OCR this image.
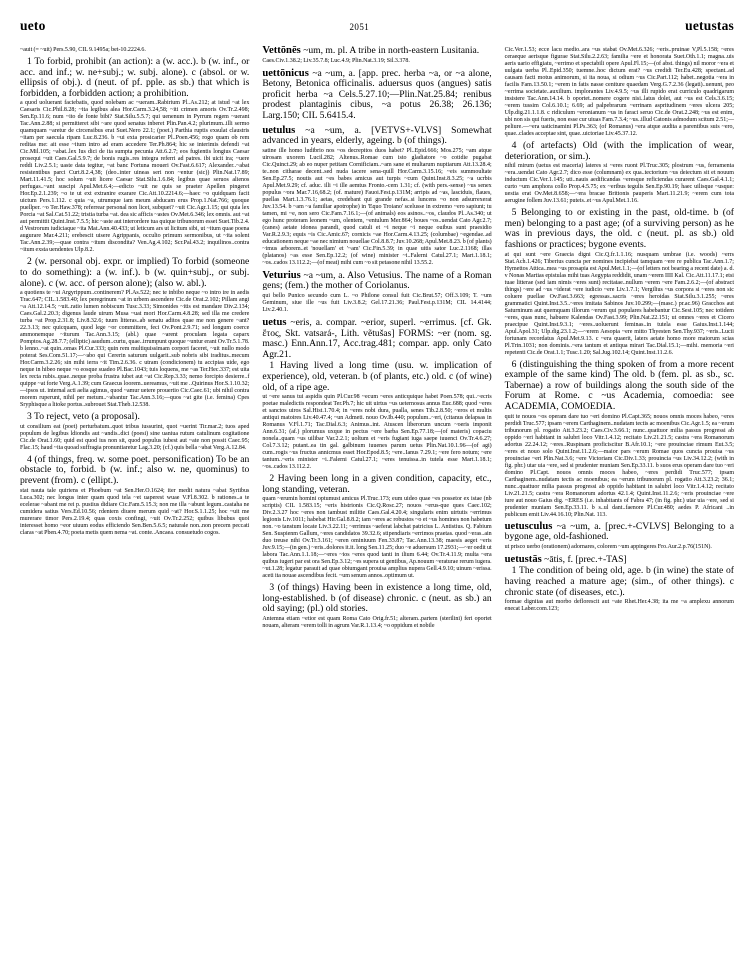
ueto	2051	uetustas
~auit (= ~uit) Pers.5.90, CIL 9.1495a; bet-10.2224.6.
1 To forbid, prohibit (an action): a (w. acc.). b (w. inf., or acc. and inf.; w. ne+subj.; w. subj. alone). c (absol. or w. ellipsis of obj.). d (neut. of pf. pple. as sb.) that which is forbidden, a forbidden action; a prohibition.
a quod uoluerant faciebatis, quod nolebam ac ~ueram..Rabirium Pl..As.212; at istud ~at lex Caesaris Cic.Phil.8.28; ~ita legibus alea Hor.Carm.3.24,58; ~iti crimen amoris Ov.Tr.2.498; Sen.Ep.11.6; num ~ito de fonte bibi? Stat.Silu.5.5.7; qui uenenum in Pyrrum regem ~uerant Tac.Ann.2.88; si permitteret sibi ~are quod senatus inberet Plin.Pan.4.2; plurimum..illi sermo quamquam ~aretur de circensibus erat Suet.Nero 22.1; (poet.) Parthia ruptis exsulat claustris ~itam per saecula ripam Luc.8.236. b ~ui exta prosicarier Pl..Poen.456; rogo quam ob rem reditas me: ait esse ~itum intro ad eram accedere Ter.Ph.864; hic se interimis defendi ~at Cic.Mil.105; ~abat..lex Ius dici de ita sumpta pecunia Att.6.2.7; eos fugientis longius Caesar prosequi ~uit Caes.Gal.5.9.7; de bonis rugis..res integra referri ad patres. ibi uicit ira; ~uere reddi Liv.2.5.1; uaste data tegitur, ~at banc Fortuna moueri Ov.Fast.6.617; Alexander..~abat resistentibus parci Curt.8.2.4,38; (deo..inter uineas seri non ~entur (sic)) Plin.Nat.17.89; Mart.11.41.5; hoc solum ~uit licere Caesar Stat.Silu.1.6.84; legibus quae seruos alienos perfugas..~ant suscipi Apul.Met.6.4;—edicto ~uit ne quis se praeter Apellen pingeret Hor.Ep.2.1.239; ~o te ut ext extranire exarare Cic.Att.10.2214.6;—haec ~o quidquam facit uictum Pers.1.112. c quia ~a, utrumque iam meum abducam erus Prop.1.Nat.766; quoque puellper. ~o Ter.Haw.378; referrear personal non licet, subquet? ~uit Cic.Agr.1.15; qui quia lex Porcia ~at Sal.Cat.51.22; tristia turba ~at. dea sic afficis ~astes Ov.Met.6.346; lex omnis. aut ~at aut permittit Quint.Inst.7.5.5; hic ~aste aut interordere tua quique tribunorum esset Suet.Tib.2.4. d Vestrorum iudiciaque ~ita Mat.Ann.40.433; ut leticum ars ut licitum sibi, ut ~itum quae poena augurare Mar.4.211; erebescit uisere Agrippanis, occulto primum sermonibus, ut ~ita solent Tac.Ann.2.39;—quae contra ~itum discondita? Ven.Ag.4.102; Scr.Pal.43.2; inquilinos..contra ~itum exsta uendentes Ulp.8.2.
2 (w. personal obj. expr. or implied) To forbid (someone to do something): a (w. inf.). b (w. quin+subj., or subj. alone). c (w. acc. of person alone); (also w. abl.).
a quotiens te ~ui Argyrippum..continerem? Pl.As.522; nec te inbibo neque ~o intro ire in aedis Trac.647; CIL.1.583.40; lex peregrinum ~at in urbem ascendere Cic.de Orat.2.102; Pillam angi ~a Att.12.14.5; ~uit..ratio lumen nobiscum Tusc.3.33; Simonides ~itis est mandare Div.2.134; Caes.Gal.2.20.3; digenus laude uirum Musa ~uat mori Hor.Carm.4.8.28; sed illa me credere turba ~at Prop.2.31.8; Liv.8.32.6; tuum litteras..ab senatu aditos quae me non genere ~ant? 22.3.13; nec quicquam, quod lege ~or committere, feci Ov.Pont.2.9.71; sed longum coerce ammonemque ~iturum Tac.Ann.3.15; (abl.) quae ~arent proculam legata caparx Pomptos.Ag.28.7.7; (elliptic) aaudum..curtu, quae..irrumpunt quoque ~untur erant Ov.Tr.5.1.78. b lenno..~at quin..omas Pl.Cur.333; quin rem multiquissimam corpori faceret, ~uit nullo modo poterat Ses.Com.51.17;—~abo qui Cererin saturum uulgarit..sub nobris sibi iraditus..mecum Hor.Carm.3.2.26; sin mihi ierra ~it Tim.2.6.36. c utram (condicionem) tu accipias uide, ego neque in hibeo neque ~o eosque suadeo Pl.Bac.1043; tuis loquens, me ~as Ter.Hec.337; est uita lex recta rubis..quae..neque proba frustra iubet aut ~at Cic.Rep.3.33; nemo forcipto desierre..f quippe ~at forte Verg.A.1.39; cum Graecus loorem..uereamus, ~uit me ..Quirinus Hor.S.1.10.32;—ipsos ut. internal acti aelia agimus, quod ~amur uetere prouertio Cic.Caec.61; ubi nihil contra morem ruperunt, nihil per metum..~abantur Tac.Ann.3.16;—quos ~at gite (i.e. femina) Cpes Sryphisque a litoke portus..subrouet Stat.Theb.12.538.
3 To reject, veto (a proposal).
ut consilium eat (poet) perturbatum..quot tribus iussurint, quot ~uerint Tir.mar.2; tuos aped populum de legibus ldiondis aut ~andis..dici (poesi) sine uaniua rutum catulinum cogitatione Cic.de Orat.1.60; quid est quod ius non sit, quod populus iubest aut ~ate non possit Caec.95; Flac.15; haud ~ita quoad suffragia pronuntiaretur Lag.3.20; (cf.) quis bella ~abat Verg.A.12.84.
4 (of things, freq. w. some poet. personification) To be an obstacle to, forbid. b (w. inf.; also w. ne, quominus) to prevent (from). c (ellipt.).
stat nauta tale quiriens et Phoebum ~at Sen.Her.O.1624; iter medit natura ~abat Syrtibus Luca.302; nec longus inter quam quod tela ~et uaperest wuae V.Fl.8.302. b rationes..a te ecelerae ~abant me rei p. pustius didiare Cic.Fam.5.15.3; non me illa ~abunt legum..castaha ne cumidera satius Vers.Ed.10.56; rdentem diuere merum quid ~at? Hor.S.1.1.25; hoc ~uit me murerare timor Pers.2.19.4; quas coxis confingi, ~uit Ov.Tr.2.252; quibus libubus quoi interesset homo ~eor uiuum eodus efficiendo Sen.Ben.5.6.5; naturale non..non precem peccati claras ~at Pben.4.70; poeta metis quem nema ~at. conte..Ancaea. consuetudo cogos.

Vettōnēs ~um, m. pl. A tribe in north-eastern Lusitania.

Caes.Civ.1.38.2; Liv.35.7.8; Luc.4.9; Plin.Nat.3.19; Sil.3.378.

uettōnicus ~a ~um, a. [app. prec. herba ~a, or ~a alone, Betony, Betonica officinalis. aduersus quos (angues) satis proficit herba ~a Cels.5.27.10;—Plin.Nat.25.84; renibus prodest plantaginis cibus, ~a potus 26.38; 26.136; Larg.150; CIL 5.6415.4.

uetulus ~a ~um, a. [VETVS+-VLVS] Somewhat advanced in years, elderly, ageing. b (of things).

satine ille homo ludibrio nos ~os decrepitos duos habet? Pl..Epid.666; Mos.275; ~am atque uirosam uxorem Lucil.282; Altenus..Romae cum isto gladiatore ~o cotidie pugabat Cic.Quinct.29; ab eo nuper petitam Cornificiam..~am sane et multarum nuptiarum Att.13.28.4; te..non citharae decent..sed nuda iacere sena-quill Hor.Carm.3.15.16; ~eis summoultate Sen.Ep.27.5; noutis aut ~es babes amicus aut turpis ~cum Quint.Inst.8.3.25; ~a ucrbis Apul.Met.9.29; cf. aduc. illi ~i ille aemtus Fronto.-cem 1.31; cf. (with pers.-sense) ~us senex populus ~ora Mar.7.16,68.2; (of. mature) Fauoi.Fest.p.131M; arripis ad ~as, lasciduis, flaues, puellas Mart.1.3.76.1; aetas, credebant qui grande nefas..si luncens ~o non adsurrexerat Juv.13.54. b ~am ~a familiar apotrophe) in 'Equo Troiano' scelusse in extremo ~ero sapiunt; tu tamen, mi ~e, non sero Cic.Fam.7.16.1;—(of animals) eos asinos..~os, claudos Pl..As.340; ut ego hunc proteram leonem ~um, olentem, ~entulum Mer.864; boues ~os..uendat Cato Agr.2.7; (canes) aetate idonea parandi, quod catuli et ~i neque ~i neque ouibus sunt praesidio Var.R.2.9.3; equis ~is Cic.Amic.67; cornicis ~ae Hor.Carm.4.13.25; (columbae) ~egendae..ad educationem neque ~ae nec nimium nouellae Col.8.8.7; Juv.10.268; Apul.Met.8.23. b (of plants) ~imus arborem..et 'nouellam' et '~am' Cic.Fin.5.39; in quae uitis sator Luc.2.1168; illas (platanos) ~as esse Sen.Ep.12.2; (of wine) minister ~i..Falerni Catul.27.1; Mart.1.18.1; ~os..cados 13.112.2;—(of meat) mihi cum ~o sit petasone nihil 13.55.2.

Veturius ~a ~um, a. Also Vetusius. The name of a Roman gens; (fem.) the mother of Coriolanus.

qui bello Punico secundo cum L. ~o Philone consul fuit Cic.Brut.57; Off.3.109; T. ~um Geminum, siue ille ~us fuit Liv.3.8.2; Gel.17.21.36; Paul.Fest.p.131M; CIL 14.4144; Liv.2.40.1.

uetus ~eris, a. compar. ~erior, superl. ~errimus. [cf. Gk. ἔτος, Skt. vatsará-, Lith. vẽtušas] FORMS: ~er (nom. sg. masc.) Enn.Ann.17, Acc.trag.481; compar. app. only Cato Agr.21.

1 Having lived a long time (usu. w. implication of experience), old, veteran. b (of plants, etc.) old. c (of wine) old, of a ripe age.
ut ~ere sanus tui aspidis quin Pl.Cur.98 ~ecum ~eres anticquique habet Poen.578; qui..~ecris poetae maledictis respondeat Ter.Ph.7; hic uit uirtus ~us ueternosus annus Euc.688; quod ~eres et sanctos uiros Sal.Hist.1.70.4; in ~eres nobi dura, pualla, senes Tib.2.8.50; ~eros et multis antiqui matoires Liv.40.47.4; ~un Admeti. nouo Ov.Ib.440; populum..~eri, (citanus delapsas in Romanus V.Fl.1.71; Tac.Dial.6.3; Animus..int. Atuscen liberorum uncum ~oeris imponit Ann.6.31; (af.) plorumus uxque in pectus ~ere barba Sen.Ep.77.18;—(of materis) copaciu nonela..quam ~us uilibar Var.2.2.1; uoltum et ~eris fugiant iuga saepe iuuenci Ov.Tr.4.6.27; Col.7.3.12; putant..ea tin gal. galbinum iuuenes parum uetus Plin.Nat.10.1.96—(of agi) cum..rogis ~us fructus annicmus esset Hor.Epod.8.5; ~ere..Ianus 7.29.1; ~ere fero notum; ~ere tantum..~eris minister ~i..Falerni Catul.27.1; ~eres tenuissa..in tutela esse Mart.1.18.1; ~os..cados 13.112.2.
2 Having been long in a given condition, capacity, etc., long standing, veteran.
quam ~erumin homini optumust amicus Pl.Truc.173; eum uideo quae ~es possetor ex istae (nb scriptis) CIL 1.583.15; ~eris histrionis Cic.Q.Rosc.27; nouos ~erus-que ques Caec.102; Div.2.3.27 hoc ~eres non iambust militie Caes.Gal.4.20.4; singularis enim uirtutis ~errimus legionis Liv.1011; habebat Hir.Gal.8.8.2; iam ~eres ac robustos ~o et ~us homines non habetum non. ~o tanstum locate Liv.3.22.11; ~errimus ~aeferat labchat patricius L. Antistius. Q. Fabium Sen. Suspienm Gallum, ~eres candidatos 39.32.6; stipendiaris ~errimos praetas. quod ~eras..ain duo treuse nihi Ov.Tr.3.161; ~eren ominiuum Fen.33.87; Tac.Ann.13.38; maesis aeget ~eris Juv.9.15;—(in gen.) ~eris..dolores it.it. long Sen.11.25; duo ~e aduersum 17.2931;—~er oedit ut labora Tac.Ann.1.1.18;—~eres ~ios ~eres quod tanti in ilium 6.44; Ov.Tr.4.11.9; multa ~era quibus iugeri par est ora Sen.Ep.3.12; ~es supera ut gentibus, Ap.nouum ~eraturae rerum iugera. ~ut.1.28; legatur parauit ad quae obiumgant prouisa amplius nupera Gell.4.9.10; uinum ~erissa. aceti ita nouae ascendibus fecit. ~um senum annos..optimum ut.
3 (of things) Having been in existence a long time, old, long-established. b (of disease) chronic. c (neut. as sb.) an old saying; (pl.) old stories.
Antemna etiam ~etior est quam Roma Cato Orig.fr.51; alteram..partem (sterilini) feri oportet nouam, alteram ~erem tolli in agrum Var.R.1.13.4; ~o oppidum et nobile
Cic.Ver.1.53; ecce lacu medio..ara ~us stabat Ov.Met.6.326; ~eris..pruinae V,Pl.5.158; ~eres ceraeque aerisque figurae Stat.Silu.2.2.63; familia ~ere et honorata Suet.Oth.1.1; magna..uis aeris uario effigiatu, ~errimo et spectabili opere Apul.Fl.15;—(of abst. things) nil moror ~era et uulgata uerba Pl..Epid.350; tuemne..hoc dictum erat? ~us credidi Ter.Eu.428; spectant..ad causam facti motus animorum, si ita noua, si odium ~us Cic.Part.112; habet..negotia ~era in facilis Fam.13.50.1; ~erem in fatis nasse ceniture quaedam Verg.G.7.2.36 (legati)..uenunt, peo ~errima societate..auxilium. implorantes Liv.4.9.5; ~us illi rupido erat curriculo quadrigarum insistere Tac.Ann.14.14. b oportet..nomere cogere nisi..latus dolet, aut ~us est Cels.3.6.15; ~erem tussim Col.6.10.1; 6.69; ad palpebrarum ~errinam aspritudinem ~eres ulcera 205; Ulp.dig.21.1.1.8. c ridiculum ~eronianum ~us in faraci seruo Cic.de Orat.2.248; ~us est enim, ubi non sis qui fueris, non esse cur uiuas Fam.7.3.4; ~us..illud Catonis admodum scitum 2.51;—peliure.—~era uaticinamini Pl.Ps.363; (of Romanus) ~era atque audita a parentibus suis ~ero, quae..clades acceptae sint, quae..uictoriae Liv.45.37.12.
4 (of artefacts) Old (with the implication of wear, deterioration, or sim.).
nihil mirum (uetus est maceria) lateres si ~eres ruont Pl.Truc.305; plostrum ~us, ferramenta ~era..uendat Cato Agr.2.7; dico esse (columnam) ex qua..tectorium ~us deiectum sit et nouum inductum Cic.Ver.1.145; uti..nauis aedificandas ~eresque reficiendas curarent Caes.Gal.4.1.1; curto ~um amphora collo Prop.4.5.75; ex ~eribus tegulis Sen.Ep.90.19; haec uilisque ~usque: uestia erat Ov.Met.8.658;—~era bracae Brittonis pauperis Mart.11.21.9; ~erem cum tota aerugine follem Juv.13.61; puteis..et ~us Apul.Met.1.16.
5 Belonging to or existing in the past, old-time. b (of men) belonging to a past age; (of a surviving person) as he was in previous days, the old. c (neut. pl. as sb.) old fashions or practices; bygone events.
at qui sunt ~ere Graecia digni Cic.Q.fr.1.1.16; nusquam umbrae (i.e. woods) ~errs Stat.Ach.1.426; Tiberius cuncta per nomines incipiebat tamquam ~ere re publica Tac.Ann.1.7; Hymettos Attica..mea ~us prosapia est Apul.Met.1.1;—(of letters not bearing a recent date) a. d. v Nonas Martias epistulas mihi tuas Aegypta reddidit, unam ~erem IIII Kal. Cic.Att.11.17.1; etsi tuae litterae (sed iam nimis ~eres sunt) recitatae..nullum ~erem ~ere Fam.2.6.2;—(of abstract things) ~ere ad ~us ~iderat ~ere iudicio ~ere Liv.1.7.1; Vergilius ~us corpora si ~eres non sic coluere puellae Ov.Fast.3.663; egressas..sacris ~eres heroidas Stat.Silu.3.1.255; ~eres grammatici Quint.Inst.3.5..~eres imitata Sabinos Juv.10.299;—(masc.) pr.ac.96) Gracchos aut Saturninum aut quemquam illorum ~erum qui populares habebantur Cic.Sest.105; nec totidem ~eres, quas nunc, habuere Kalendas Ov.Fast.3.99; Plin.Nat.22.151; ut omnes ~eres et Cicero praecipue Quint.Inst.9.3.1; ~eres..uoluerunt feminas..in tutela esse Gaius.Inst.1.144; Apul.Apol.31; Ulp.dig.23.1.2;—~erem Aesopia ~ere mitto Thyesten Sen.Thy.937; ~eris..Lucii fortunam recordatus Apul.Met.9.13. c ~era quaerit, laters aetate homo more maiorum scias Pl.Trin.1031; non dominis..~era tantum et antiqua mirari Tac.Dial.15.1;—mihi. memoria ~eri repetenti Cic.de Orat.1.1; Tusc.1.20; Sal.Jug.102.14; Quint.Inst.11.2.6.
6 (distinguishing the thing spoken of from a more recent example of the same kind) The old. b (fem. pl. as sb., sc. Tabernae) a row of buildings along the south side of the Forum at Rome. c ~us Academia, comoedia: see ACADEMIA, COMOEDIA.
quit te nouos ~os operam dare tuo ~eri domino Pl.Capt.365; nouos omnis moces habeo, ~eres perdidi Truc.577; ipsam ~erem Carthaginem..nudatam tectis ac moenibus Cic.Agr.1.5; ea ~erum tribunorum pl. rogatio Att.3.23.2; Caes.Civ.3.66.1; nunc..quattuor milia passus progressi ab oppido ~eri habitant in salubri loco Vitr.1.4.12; recitato Liv.21.21.5; castra ~era Romanorum adortus 22.24.12; ~eres..Ruspinam proficiscitur B.Afr.10.1; ~ere prouinciae rimum Eut.3.5; ~eres et nouo solo Quint.Inst.11.2.6;—maior pars ~erum Romae quos cuncta prouisa ~us prouinciae ~eri Plin.Nat.3.6; ~ere Victoriam Cic.Div.1.33; prouincia ~us Liv.34.12.2; (with in fig. phr.) utar uia ~ere, sed si prudenter muniam Sen.Ep.33.11. b suos erus operam dare tuo ~eri domino Pl.Capt. nouos omnis moces habeo, ~eres perdidi Truc.577; ipsam Carthaginem..nudatam tectis ac moenibus; ea ~erum tribunorum pl. rogatio Att.3.23.2; 36.1; nunc..quattuor milia passus progressi ab oppido habitant in salubri loco Vitr.1.4.12; recitato Liv.21.21.5; castra ~era Romanorum adortus 42.1.4; Quint.Inst.11.2.6; ~eris prouinciae ~ere iure aut nouo Gaius dig. ~ERES (i.e. inhabitants of Fabra 47; (in fig. phr.) utar uia ~ere, sed si prudenter muniam Sen.Ep.33.11. b s..ul dant..faenore Pl.Cur.480; aedes P. Africani ..in publicum emit Liv.44.16.10; Plin.Nat. 113.

uetusculus ~a ~um, a. [prec.+-CVLVS] Belonging to a bygone age, old-fashioned.

ut prisco uerbo (orationem) adornares, colorem ~um appingeres Fro.Aur.2.p.76(151N).

uetustās ~ātis, f. [prec.+-TAS]

1 The condition of being old, age. b (in wine) the state of having reached a mature age; (sim., of other things). c chronic state (of diseases, etc.).
formae dignitas aut morbo deflorescit aut ~ate Rhet.Her.4.38; ita me ~a amplexu annorum enecat Laber.com.123;
